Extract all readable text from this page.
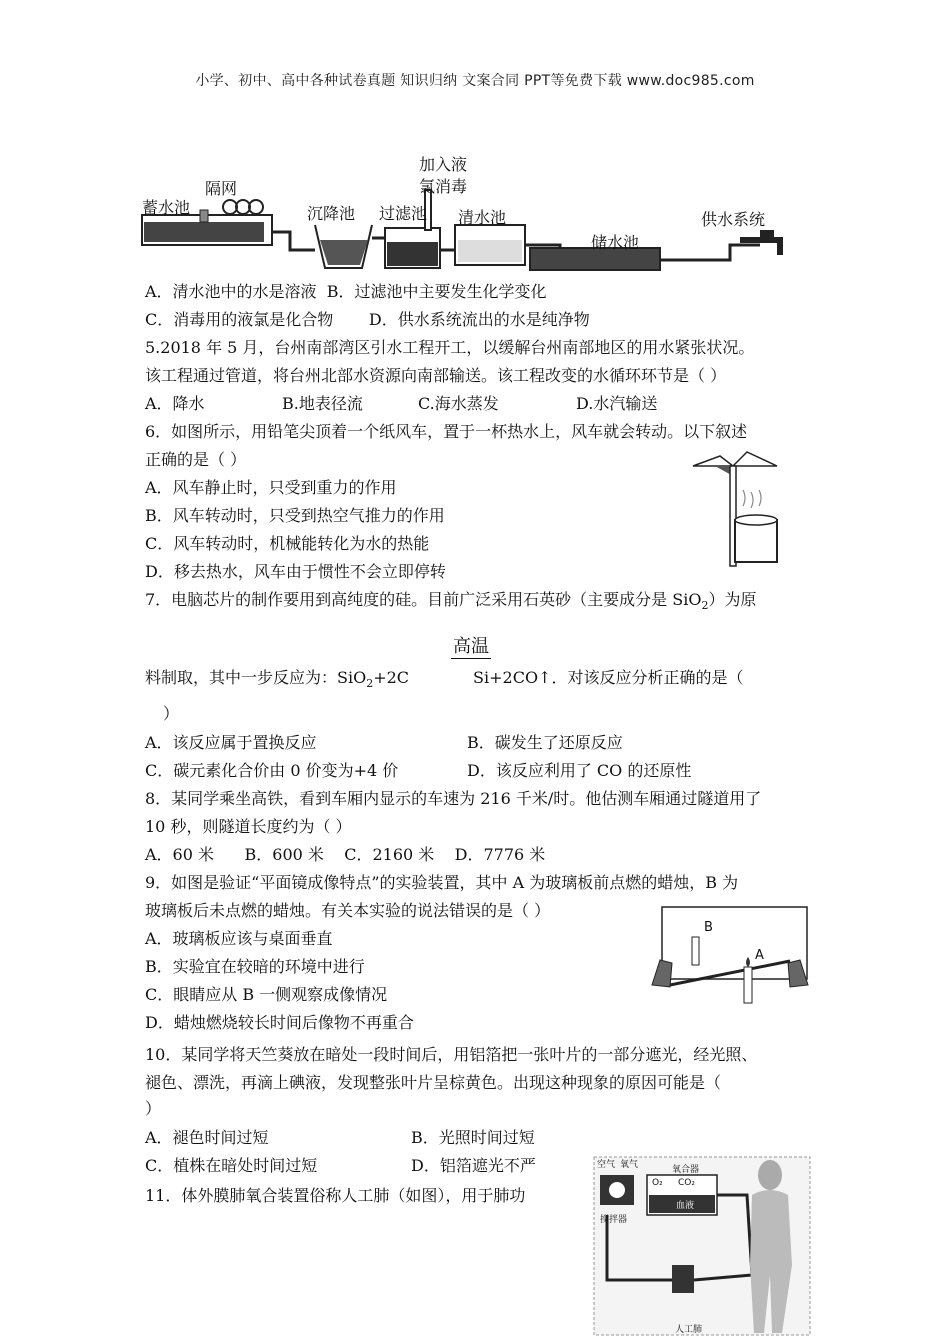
小学、初中、高中各种试卷真题 知识归纳 文案合同 PPT等免费下载 www.doc985.com
蓄水池
隔网
沉降池 过滤池
加入液
氯消毒
清水池
储水池
供水系统
A．清水池中的水是溶液 B．过滤池中主要发生化学变化
C．消毒用的液氯是化合物 D．供水系统流出的水是纯净物
5.2018 年 5 月，台州南部湾区引水工程开工，以缓解台州南部地区的用水紧张状况。
该工程通过管道，将台州北部水资源向南部输送。该工程改变的水循环环节是（ ）
A．降水	B.地表径流	C.海水蒸发	D.水汽输送
6．如图所示，用铅笔尖顶着一个纸风车，置于一杯热水上，风车就会转动。以下叙述
正确的是（ ）
A．风车静止时，只受到重力的作用
B．风车转动时，只受到热空气推力的作用
C．风车转动时，机械能转化为水的热能
D．移去热水，风车由于惯性不会立即停转
7．电脑芯片的制作要用到高纯度的硅。目前广泛采用石英砂（主要成分是 SiO$_2$）为原
高温
料制取，其中一步反应为：SiO$_2$+2C	Si+2CO↑．对该反应分析正确的是（
）
A．该反应属于置换反应	B．碳发生了还原反应
C．碳元素化合价由 0 价变为+4 价	D．该反应利用了 CO 的还原性
8．某同学乘坐高铁，看到车厢内显示的车速为 216 千米/时。他估测车厢通过隧道用了
10 秒，则隧道长度约为（ ）
A．60 米      B．600 米    C．2160 米    D．7776 米
9．如图是验证“平面镜成像特点”的实验装置，其中 A 为玻璃板前点燃的蜡烛，B 为
玻璃板后未点燃的蜡烛。有关本实验的说法错误的是（ ）
A．玻璃板应该与桌面垂直
B．实验宜在较暗的环境中进行
C．眼睛应从 B 一侧观察成像情况
D．蜡烛燃烧较长时间后像物不再重合
B
A
10．某同学将天竺葵放在暗处一段时间后，用铝箔把一张叶片的一部分遮光，经光照、
褪色、漂洗，再滴上碘液，发现整张叶片呈棕黄色。出现这种现象的原因可能是（
）
A．褪色时间过短	B．光照时间过短
C．植株在暗处时间过短	D．铝箔遮光不严
11．体外膜肺氧合装置俗称人工肺（如图），用于肺功
空气 氧气	氧合器
O₂ CO₂
血液
搅拌器
人工肺
